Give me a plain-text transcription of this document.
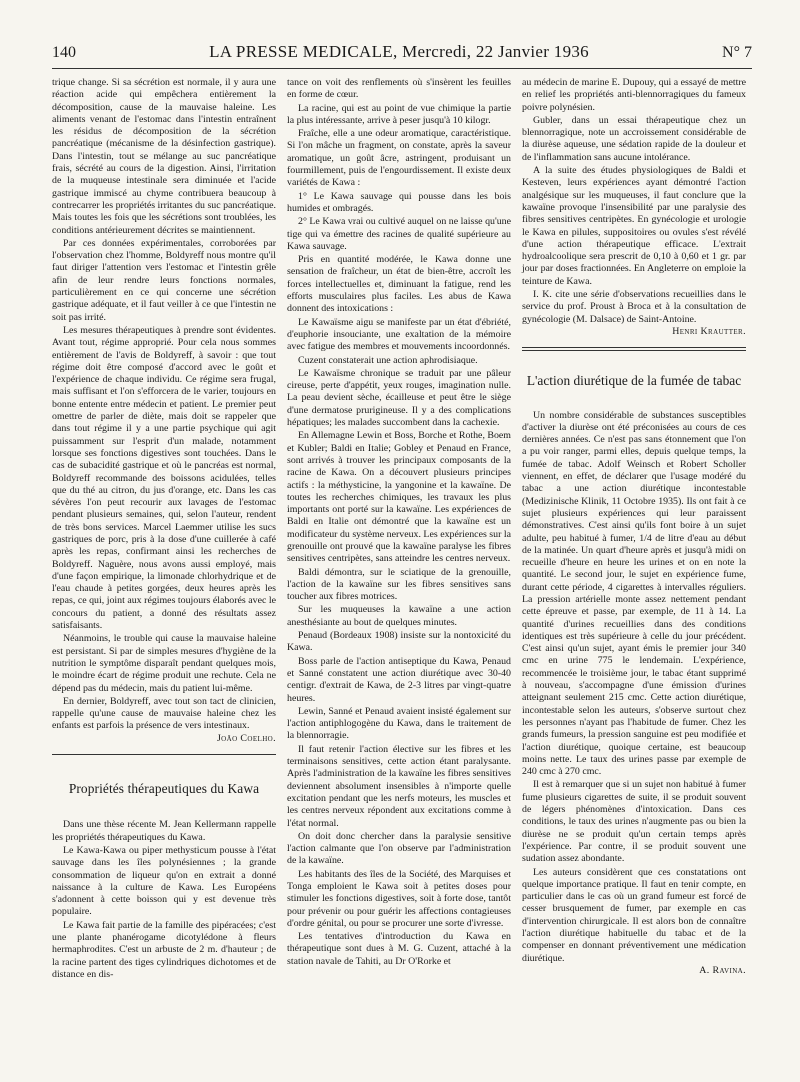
140	LA PRESSE MEDICALE, Mercredi, 22 Janvier 1936	N° 7

trique change. Si sa sécrétion est normale, il y aura une réaction acide qui empêchera entièrement la décomposition, cause de la mauvaise haleine. Les aliments venant de l'estomac dans l'intestin entraînent les résidus de décomposition de la sécrétion pancréatique (mécanisme de la désinfection gastrique). Dans l'intestin, tout se mélange au suc pancréatique frais, sécrété au cours de la digestion. Ainsi, l'irritation de la muqueuse intestinale sera diminuée et l'acide gastrique immiscé au chyme contribuera beaucoup à contrecarrer les propriétés irritantes du suc pancréatique. Mais toutes les fois que les sécrétions sont troublées, les conditions antérieurement décrites se maintiennent.

Par ces données expérimentales, corroborées par l'observation chez l'homme, Boldyreff nous montre qu'il faut diriger l'attention vers l'estomac et l'intestin grêle afin de leur rendre leurs fonctions normales, particulièrement en ce qui concerne une sécrétion gastrique adéquate, et il faut veiller à ce que l'intestin ne soit pas irrité.

Les mesures thérapeutiques à prendre sont évidentes. Avant tout, régime approprié. Pour cela nous sommes entièrement de l'avis de Boldyreff, à savoir : que tout régime doit être composé d'accord avec le goût et l'expérience de chaque individu. Ce régime sera frugal, mais suffisant et l'on s'efforcera de le varier, toujours en bonne entente entre médecin et patient. Le premier peut omettre de parler de diète, mais doit se rappeler que dans tout régime il y a une partie psychique qui agit puissamment sur l'esprit d'un malade, notamment lorsque ses fonctions digestives sont touchées. Dans le cas de subacidité gastrique et où le pancréas est normal, Boldyreff recommande des boissons acidulées, telles que du thé au citron, du jus d'orange, etc. Dans les cas sévères l'on peut recourir aux lavages de l'estomac pendant plusieurs semaines, qui, selon l'auteur, rendent de très bons services. Marcel Laemmer utilise les sucs gastriques de porc, pris à la dose d'une cuillerée à café après les repas, confirmant ainsi les recherches de Boldyreff. Naguère, nous avons aussi employé, mais d'une façon empirique, la limonade chlorhydrique et de l'eau chaude à petites gorgées, deux heures après les repas, ce qui, joint aux régimes toujours élaborés avec le concours du patient, a donné des résultats assez satisfaisants.

Néanmoins, le trouble qui cause la mauvaise haleine est persistant. Si par de simples mesures d'hygiène de la nutrition le symptôme disparaît pendant quelques mois, le moindre écart de régime produit une rechute. Cela ne dépend pas du médecin, mais du patient lui-même.

En dernier, Boldyreff, avec tout son tact de clinicien, rappelle qu'une cause de mauvaise haleine chez les enfants est parfois la présence de vers intestinaux.

João Coelho.
Propriétés thérapeutiques du Kawa

Dans une thèse récente M. Jean Kellermann rappelle les propriétés thérapeutiques du Kawa.

Le Kawa-Kawa ou piper methysticum pousse à l'état sauvage dans les îles polynésiennes ; la grande consommation de liqueur qu'on en extrait a donné naissance à la culture de Kawa. Les Européens s'adonnent à cette boisson qui y est devenue très populaire.

Le Kawa fait partie de la famille des pipéracées; c'est une plante phanérogame dicotylédone à fleurs hermaphrodites. C'est un arbuste de 2 m. d'hauteur ; de la racine partent des tiges cylindriques dichotomes et de distance en dis-

tance on voit des renflements où s'insèrent les feuilles en forme de cœur.

La racine, qui est au point de vue chimique la partie la plus intéressante, arrive à peser jusqu'à 10 kilogr.

Fraîche, elle a une odeur aromatique, caractéristique. Si l'on mâche un fragment, on constate, après la saveur aromatique, un goût âcre, astringent, produisant un fourmillement, puis de l'engourdissement. Il existe deux variétés de Kawa :

1° Le Kawa sauvage qui pousse dans les bois humides et ombragés.

2° Le Kawa vrai ou cultivé auquel on ne laisse qu'une tige qui va émettre des racines de qualité supérieure au Kawa sauvage.

Pris en quantité modérée, le Kawa donne une sensation de fraîcheur, un état de bien-être, accroît les forces intellectuelles et, diminuant la fatigue, rend les efforts musculaires plus faciles. Les abus de Kawa donnent des intoxications :

Le Kawaïsme aigu se manifeste par un état d'ébriété, d'euphorie insouciante, une exaltation de la mémoire avec fatigue des membres et mouvements incoordonnés.

Cuzent constaterait une action aphrodisiaque.

Le Kawaïsme chronique se traduit par une pâleur cireuse, perte d'appétit, yeux rouges, imagination nulle. La peau devient sèche, écailleuse et peut être le siège d'une dermatose prurigineuse. Il y a des complications hépatiques; les malades succombent dans la cachexie.

En Allemagne Lewin et Boss, Borche et Rothe, Boem et Kubler; Baldi en Italie; Gobley et Penaud en France, sont arrivés à trouver les principaux composants de la racine de Kawa. On a découvert plusieurs principes actifs : la méthysticine, la yangonine et la kawaïne. De toutes les recherches chimiques, les travaux les plus importants ont porté sur la kawaïne. Les expériences de Baldi en Italie ont démontré que la kawaïne est un modificateur du système nerveux. Les expériences sur la grenouille ont prouvé que la kawaïne paralyse les fibres sensitives centripètes, sans atteindre les centres nerveux.

Baldi démontra, sur le sciatique de la grenouille, l'action de la kawaïne sur les fibres sensitives sans toucher aux fibres motrices.

Sur les muqueuses la kawaïne a une action anesthésiante au bout de quelques minutes.

Penaud (Bordeaux 1908) insiste sur la nontoxicité du Kawa.

Boss parle de l'action antiseptique du Kawa, Penaud et Sanné constatent une action diurétique avec 30-40 centigr. d'extrait de Kawa, de 2-3 litres par vingt-quatre heures.

Lewin, Sanné et Penaud avaient insisté également sur l'action antiphlogogène du Kawa, dans le traitement de la blennorragie.

Il faut retenir l'action élective sur les fibres et les terminaisons sensitives, cette action étant paralysante. Après l'administration de la kawaïne les fibres sensitives deviennent absolument insensibles à n'importe quelle excitation pendant que les nerfs moteurs, les muscles et les centres nerveux répondent aux excitations comme à l'état normal.

On doit donc chercher dans la paralysie sensitive l'action calmante que l'on observe par l'administration de la kawaïne.

Les habitants des îles de la Société, des Marquises et Tonga emploient le Kawa soit à petites doses pour stimuler les fonctions digestives, soit à forte dose, tantôt pour prévenir ou pour guérir les affections contagieuses d'ordre génital, ou pour se procurer une sorte d'ivresse.

Les tentatives d'introduction du Kawa en thérapeutique sont dues à M. G. Cuzent, attaché à la station navale de Tahiti, au Dr O'Rorke et

au médecin de marine E. Dupouy, qui a essayé de mettre en relief les propriétés anti-blennorragiques du fameux poivre polynésien.

Gubler, dans un essai thérapeutique chez un blennorragique, note un accroissement considérable de la diurèse aqueuse, une sédation rapide de la douleur et de l'inflammation sans aucune intolérance.

A la suite des études physiologiques de Baldi et Kesteven, leurs expériences ayant démontré l'action analgésique sur les muqueuses, il faut conclure que la kawaïne provoque l'insensibilité par une paralysie des fibres sensitives centripètes. En gynécologie et urologie le Kawa en pilules, suppositoires ou ovules s'est révélé d'une action thérapeutique efficace. L'extrait hydroalcoolique sera prescrit de 0,10 à 0,60 et 1 gr. par jour par doses fractionnées. En Angleterre on emploie la teinture de Kawa.

I. K. cite une série d'observations recueillies dans le service du prof. Proust à Broca et à la consultation de gynécologie (M. Dalsace) de Saint-Antoine.

Henri Krautter.
L'action diurétique de la fumée de tabac

Un nombre considérable de substances susceptibles d'activer la diurèse ont été préconisées au cours de ces dernières années. Ce n'est pas sans étonnement que l'on a pu voir ranger, parmi elles, depuis quelque temps, la fumée de tabac. Adolf Weinsch et Robert Scholler viennent, en effet, de déclarer que l'usage modéré du tabac a une action diurétique incontestable (Medizinische Klinik, 11 Octobre 1935). Ils ont fait à ce sujet plusieurs expériences qui leur paraissent démonstratives. C'est ainsi qu'ils font boire à un sujet adulte, peu habitué à fumer, 1/4 de litre d'eau au début de la matinée. Un quart d'heure après et jusqu'à midi on recueille d'heure en heure les urines et on en note la quantité. Le second jour, le sujet en expérience fume, durant cette période, 4 cigarettes à intervalles réguliers. La pression artérielle monte assez nettement pendant cette épreuve et passe, par exemple, de 11 à 14. La quantité d'urines recueillies dans des conditions identiques est très supérieure à celle du jour précédent. C'est ainsi qu'un sujet, ayant émis le premier jour 340 cmc en urine 775 le lendemain. L'expérience, recommencée le troisième jour, le tabac étant supprimé à nouveau, s'accompagne d'une émission d'urines atteignant seulement 215 cmc. Cette action diurétique, incontestable selon les auteurs, s'observe surtout chez les personnes n'ayant pas l'habitude de fumer. Chez les grands fumeurs, la pression sanguine est peu modifiée et l'action diurétique, quoique certaine, est beaucoup moins nette. Le taux des urines passe par exemple de 240 cmc à 270 cmc.

Il est à remarquer que si un sujet non habitué à fumer fume plusieurs cigarettes de suite, il se produit souvent de légers phénomènes d'intoxication. Dans ces conditions, le taux des urines n'augmente pas ou bien la diurèse ne se produit qu'un certain temps après l'expérience. Par contre, il se produit souvent une sudation assez abondante.

Les auteurs considèrent que ces constatations ont quelque importance pratique. Il faut en tenir compte, en particulier dans le cas où un grand fumeur est forcé de cesser brusquement de fumer, par exemple en cas d'intervention chirurgicale. Il est alors bon de connaître l'action diurétique habituelle du tabac et de la compenser en donnant préventivement une médication diurétique.

A. Ravina.
